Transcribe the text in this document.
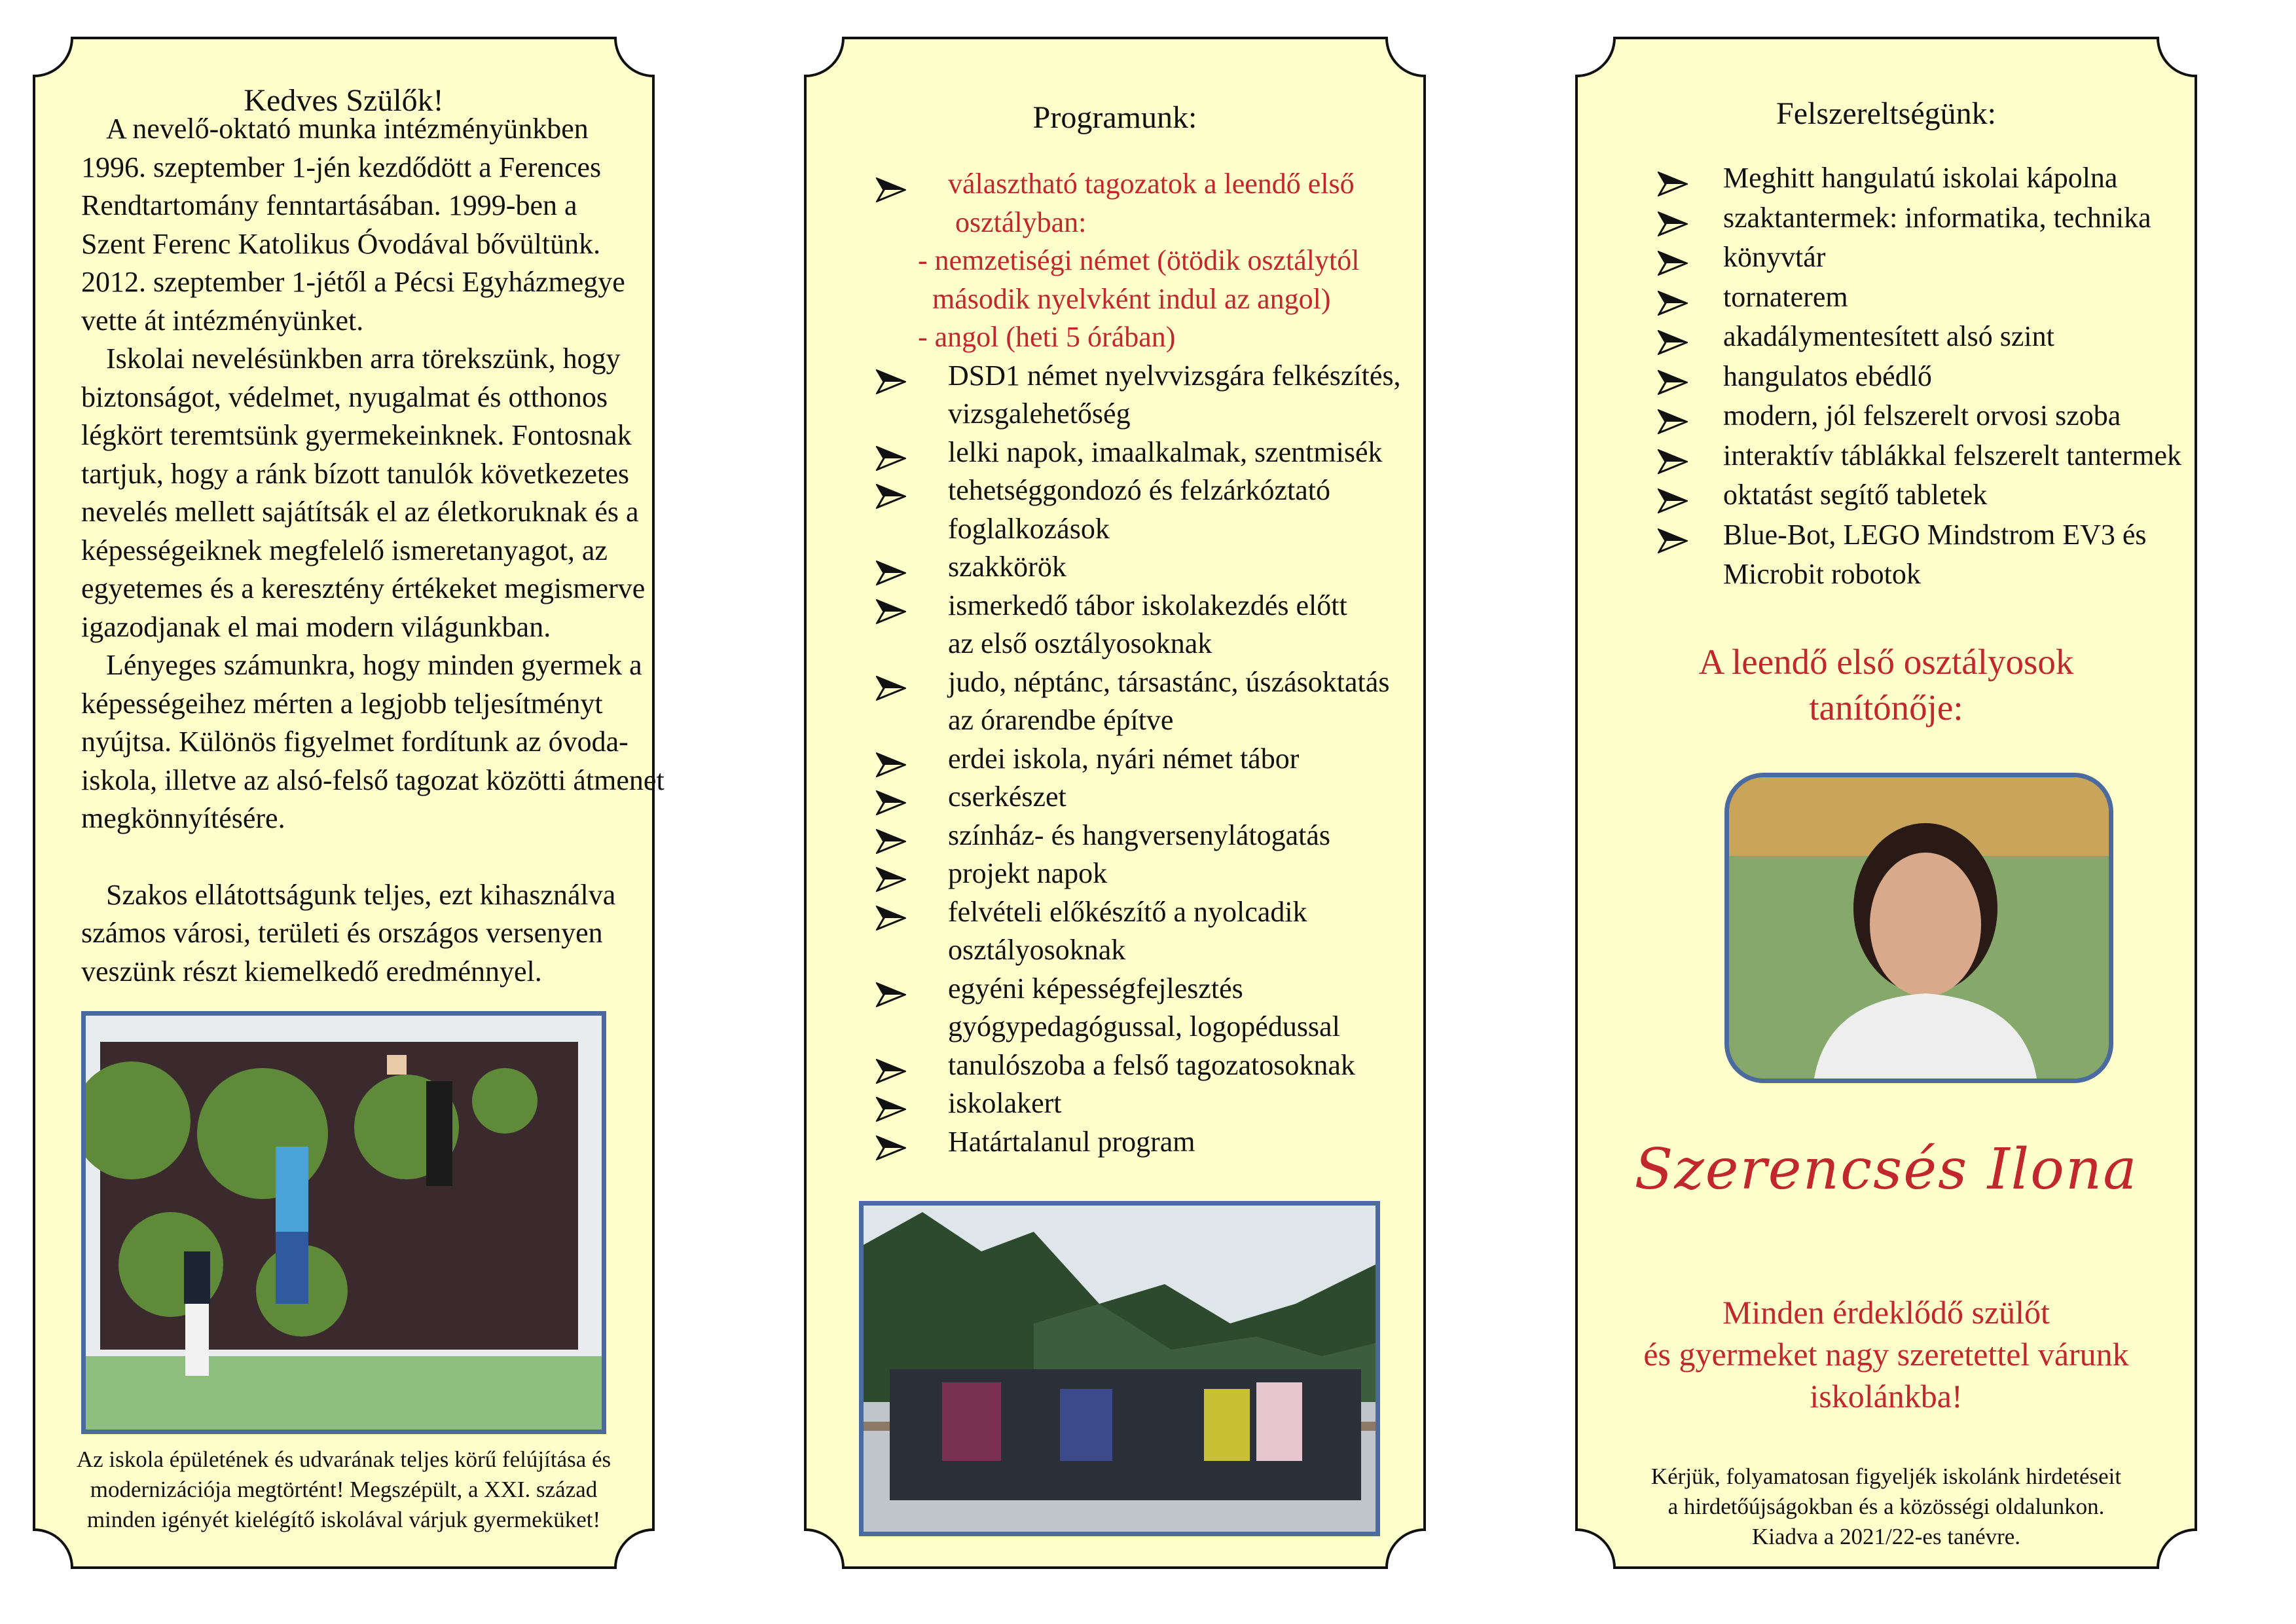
Kedves Szülők!
A nevelő-oktató munka intézményünkben
1996. szeptember 1-jén kezdődött a Ferences
Rendtartomány fenntartásában. 1999-ben a
Szent Ferenc Katolikus Óvodával bővültünk.
2012. szeptember 1-jétől a Pécsi Egyházmegye
vette át intézményünket.
Iskolai nevelésünkben arra törekszünk, hogy
biztonságot, védelmet, nyugalmat és otthonos
légkört teremtsünk gyermekeinknek. Fontosnak
tartjuk, hogy a ránk bízott tanulók következetes
nevelés mellett sajátítsák el az életkoruknak és a
képességeiknek megfelelő ismeretanyagot, az
egyetemes és a keresztény értékeket megismerve
igazodjanak el mai modern világunkban.
Lényeges számunkra, hogy minden gyermek a
képességeihez mérten a legjobb teljesítményt
nyújtsa. Különös figyelmet fordítunk az óvoda-
iskola, illetve az alsó-felső tagozat közötti átmenet
megkönnyítésére.
Szakos ellátottságunk teljes, ezt kihasználva
számos városi, területi és országos versenyen
veszünk részt kiemelkedő eredménnyel.
Az iskola épületének és udvarának teljes körű felújítása és
modernizációja megtörtént! Megszépült, a XXI. század
minden igényét kielégítő iskolával várjuk gyermeküket!
Programunk:
választható tagozatok a leendő első
osztályban:
- nemzetiségi német (ötödik osztálytól
második nyelvként indul az angol)
- angol (heti 5 órában)
DSD1 német nyelvvizsgára felkészítés,
vizsgalehetőség
lelki napok, imaalkalmak, szentmisék
tehetséggondozó és felzárkóztató
foglalkozások
szakkörök
ismerkedő tábor iskolakezdés előtt
az első osztályosoknak
judo, néptánc, társastánc, úszásoktatás
az órarendbe építve
erdei iskola, nyári német tábor
cserkészet
színház- és hangversenylátogatás
projekt napok
felvételi előkészítő a nyolcadik
osztályosoknak
egyéni képességfejlesztés
gyógypedagógussal, logopédussal
tanulószoba a felső tagozatosoknak
iskolakert
Határtalanul program
Felszereltségünk:
Meghitt hangulatú iskolai kápolna
szaktantermek: informatika, technika
könyvtár
tornaterem
akadálymentesített alsó szint
hangulatos ebédlő
modern, jól felszerelt orvosi szoba
interaktív táblákkal felszerelt tantermek
oktatást segítő tabletek
Blue-Bot, LEGO Mindstrom EV3 és
Microbit robotok
A leendő első osztályosok
tanítónője:
Szerencsés Ilona
Minden érdeklődő szülőt
és gyermeket nagy szeretettel várunk
iskolánkba!
Kérjük, folyamatosan figyeljék iskolánk hirdetéseit
a hirdetőújságokban és a közösségi oldalunkon.
Kiadva a 2021/22-es tanévre.
